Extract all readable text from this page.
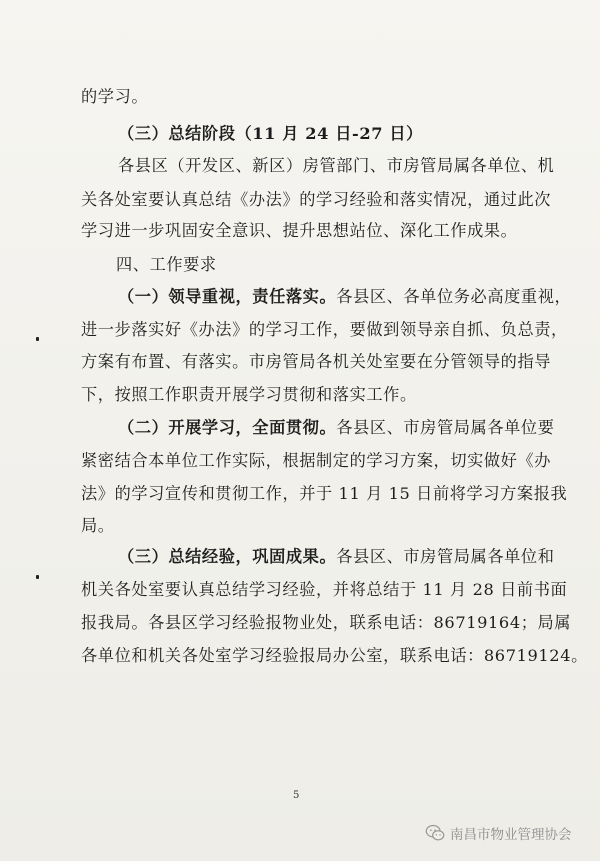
的学习。
（三）总结阶段（11 月 24 日-27 日）
各县区（开发区、新区）房管部门、市房管局属各单位、机
关各处室要认真总结《办法》的学习经验和落实情况，通过此次
学习进一步巩固安全意识、提升思想站位、深化工作成果。
四、工作要求
（一）领导重视，责任落实。各县区、各单位务必高度重视，
进一步落实好《办法》的学习工作，要做到领导亲自抓、负总责，
方案有布置、有落实。市房管局各机关处室要在分管领导的指导
下，按照工作职责开展学习贯彻和落实工作。
（二）开展学习，全面贯彻。各县区、市房管局属各单位要
紧密结合本单位工作实际，根据制定的学习方案，切实做好《办
法》的学习宣传和贯彻工作，并于 11 月 15 日前将学习方案报我
局。
（三）总结经验，巩固成果。各县区、市房管局属各单位和
机关各处室要认真总结学习经验，并将总结于 11 月 28 日前书面
报我局。各县区学习经验报物业处，联系电话：86719164；局属
各单位和机关各处室学习经验报局办公室，联系电话：86719124。
5
南昌市物业管理协会
